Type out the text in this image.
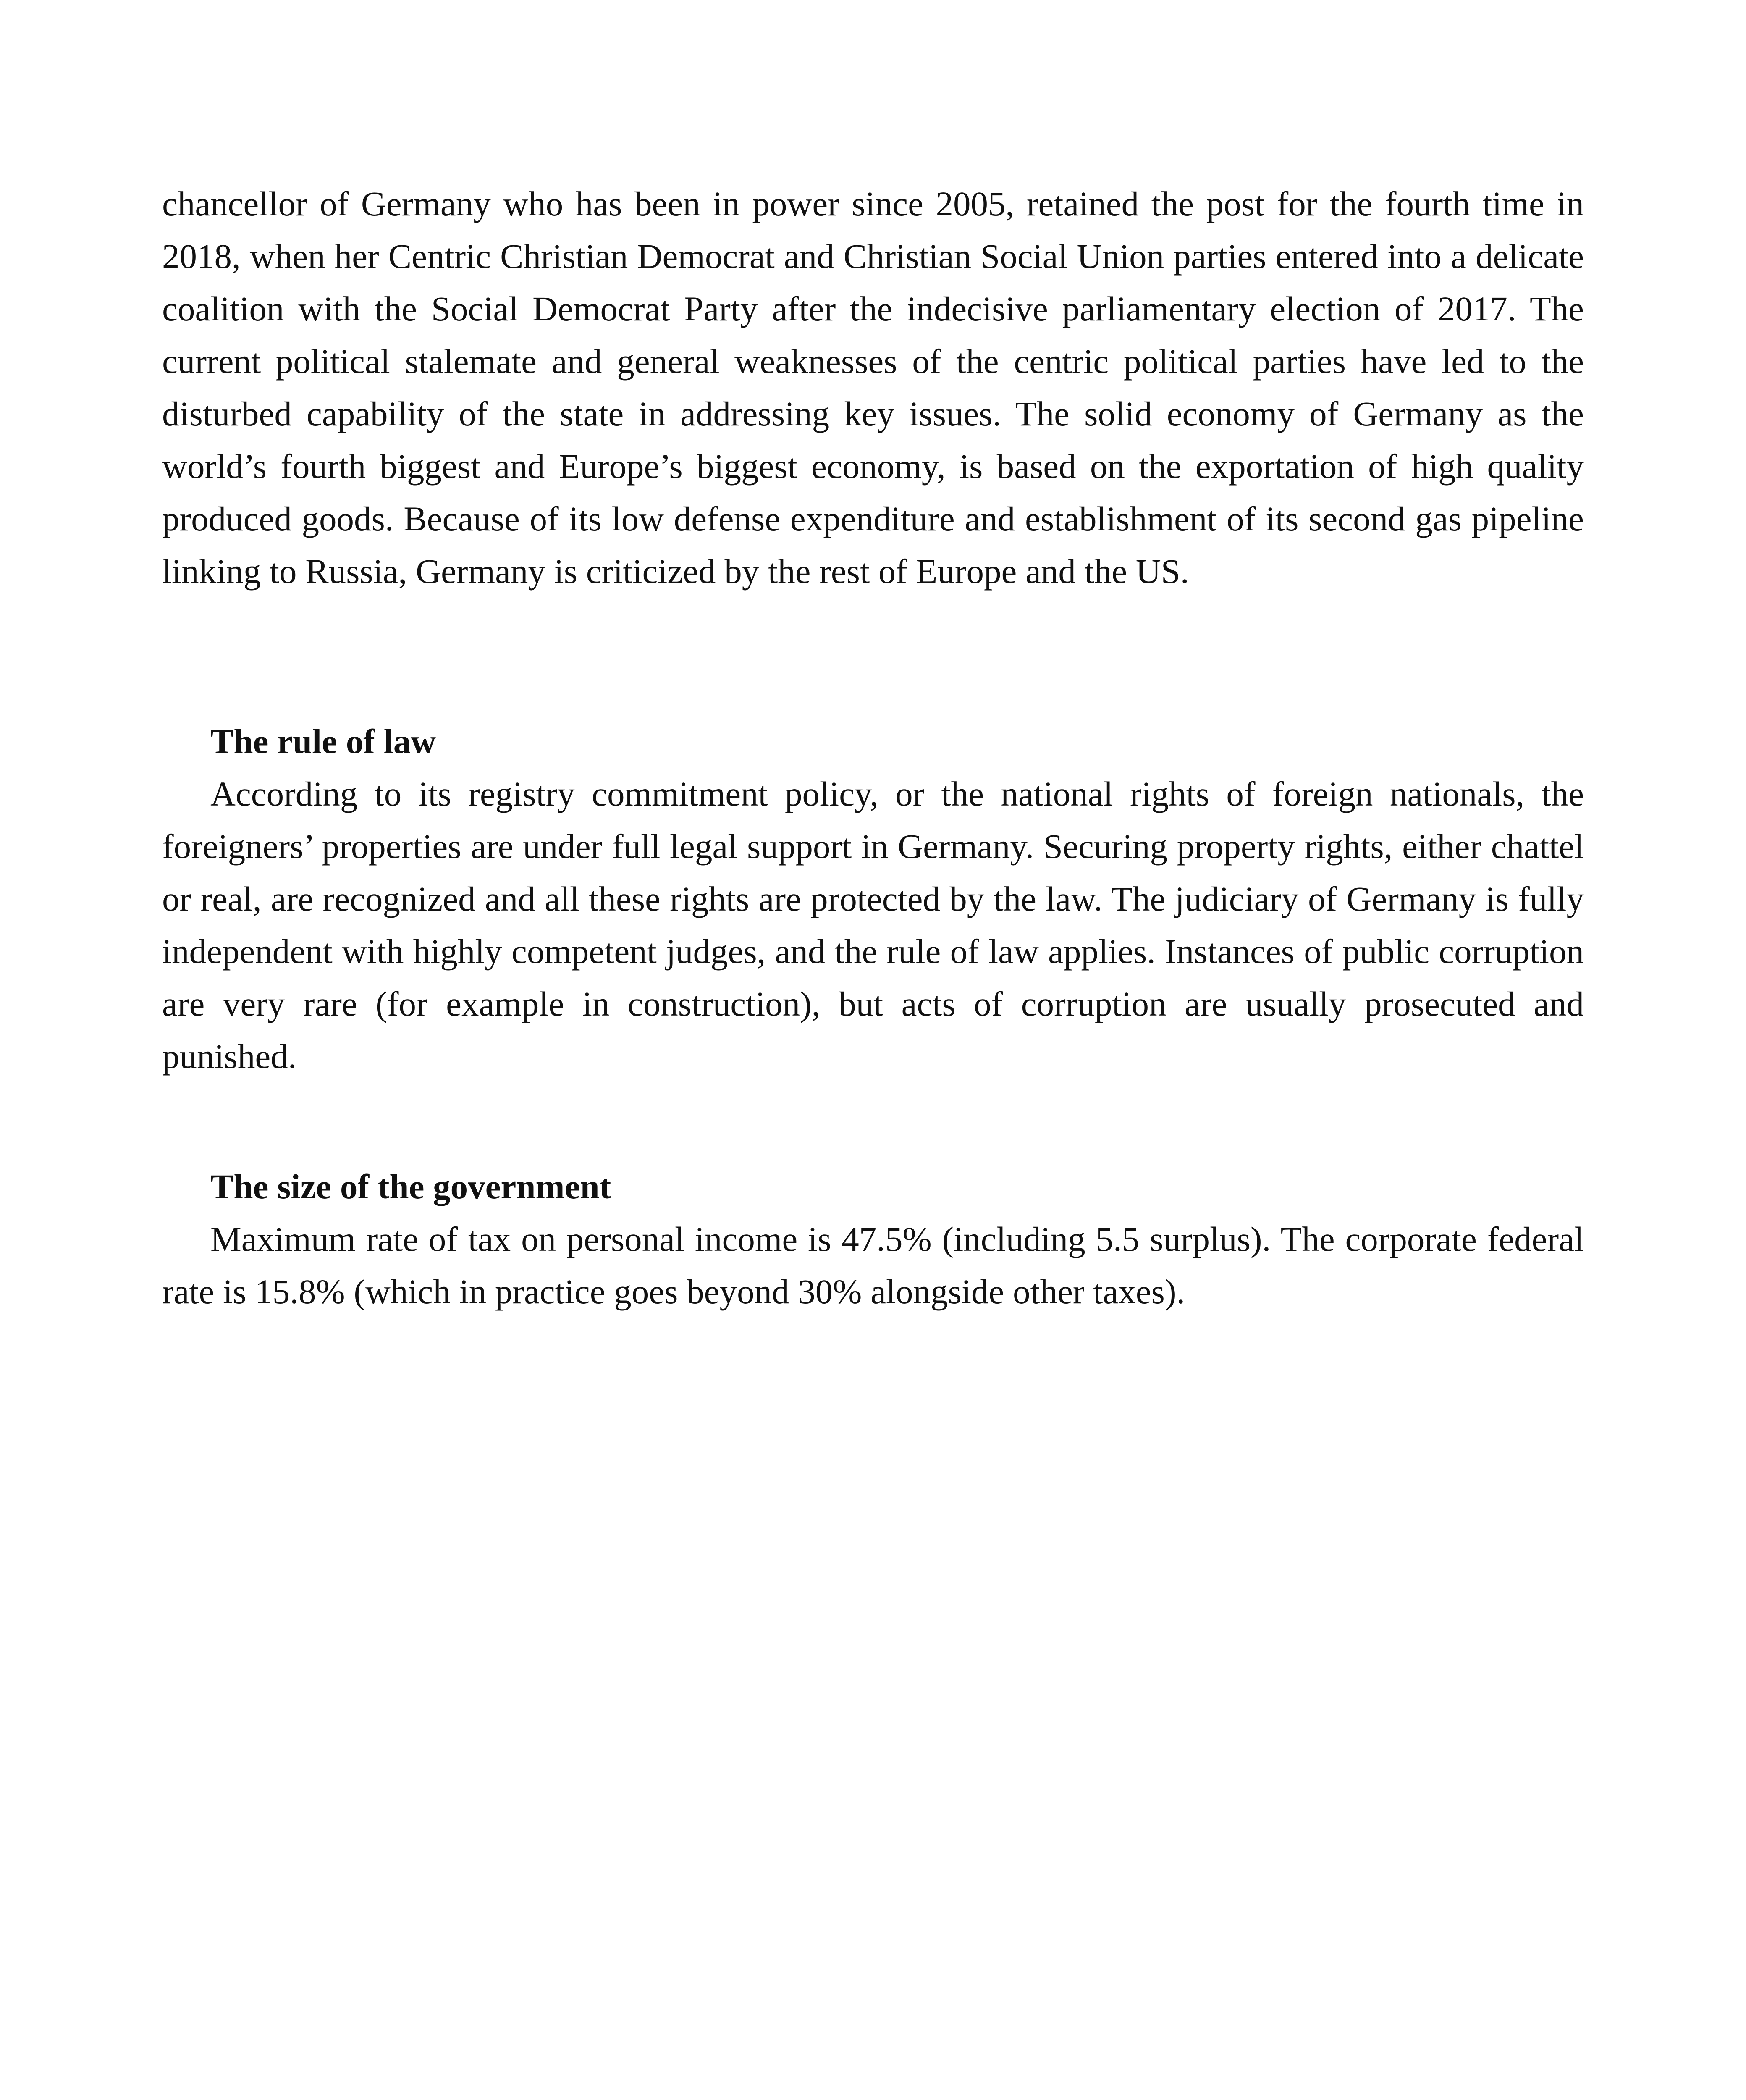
chancellor of Germany who has been in power since 2005, retained the post for the fourth time in 2018, when her Centric Christian Democrat and Christian Social Union parties entered into a delicate coalition with the Social Democrat Party after the indecisive parliamentary election of 2017. The current political stalemate and general weaknesses of the centric political parties have led to the disturbed capability of the state in addressing key issues. The solid economy of Germany as the world’s fourth biggest and Europe’s biggest economy, is based on the exportation of high quality produced goods. Because of its low defense expenditure and establishment of its second gas pipeline linking to Russia, Germany is criticized by the rest of Europe and the US.

The rule of law

According to its registry commitment policy, or the national rights of foreign nationals, the foreigners’ properties are under full legal support in Germany. Securing property rights, either chattel or real, are recognized and all these rights are protected by the law. The judiciary of Germany is fully independent with highly competent judges, and the rule of law applies. Instances of public corruption are very rare (for example in construction), but acts of corruption are usually prosecuted and punished.

The size of the government

Maximum rate of tax on personal income is 47.5% (including 5.5 surplus). The corporate federal rate is 15.8% (which in practice goes beyond 30% alongside other taxes).
